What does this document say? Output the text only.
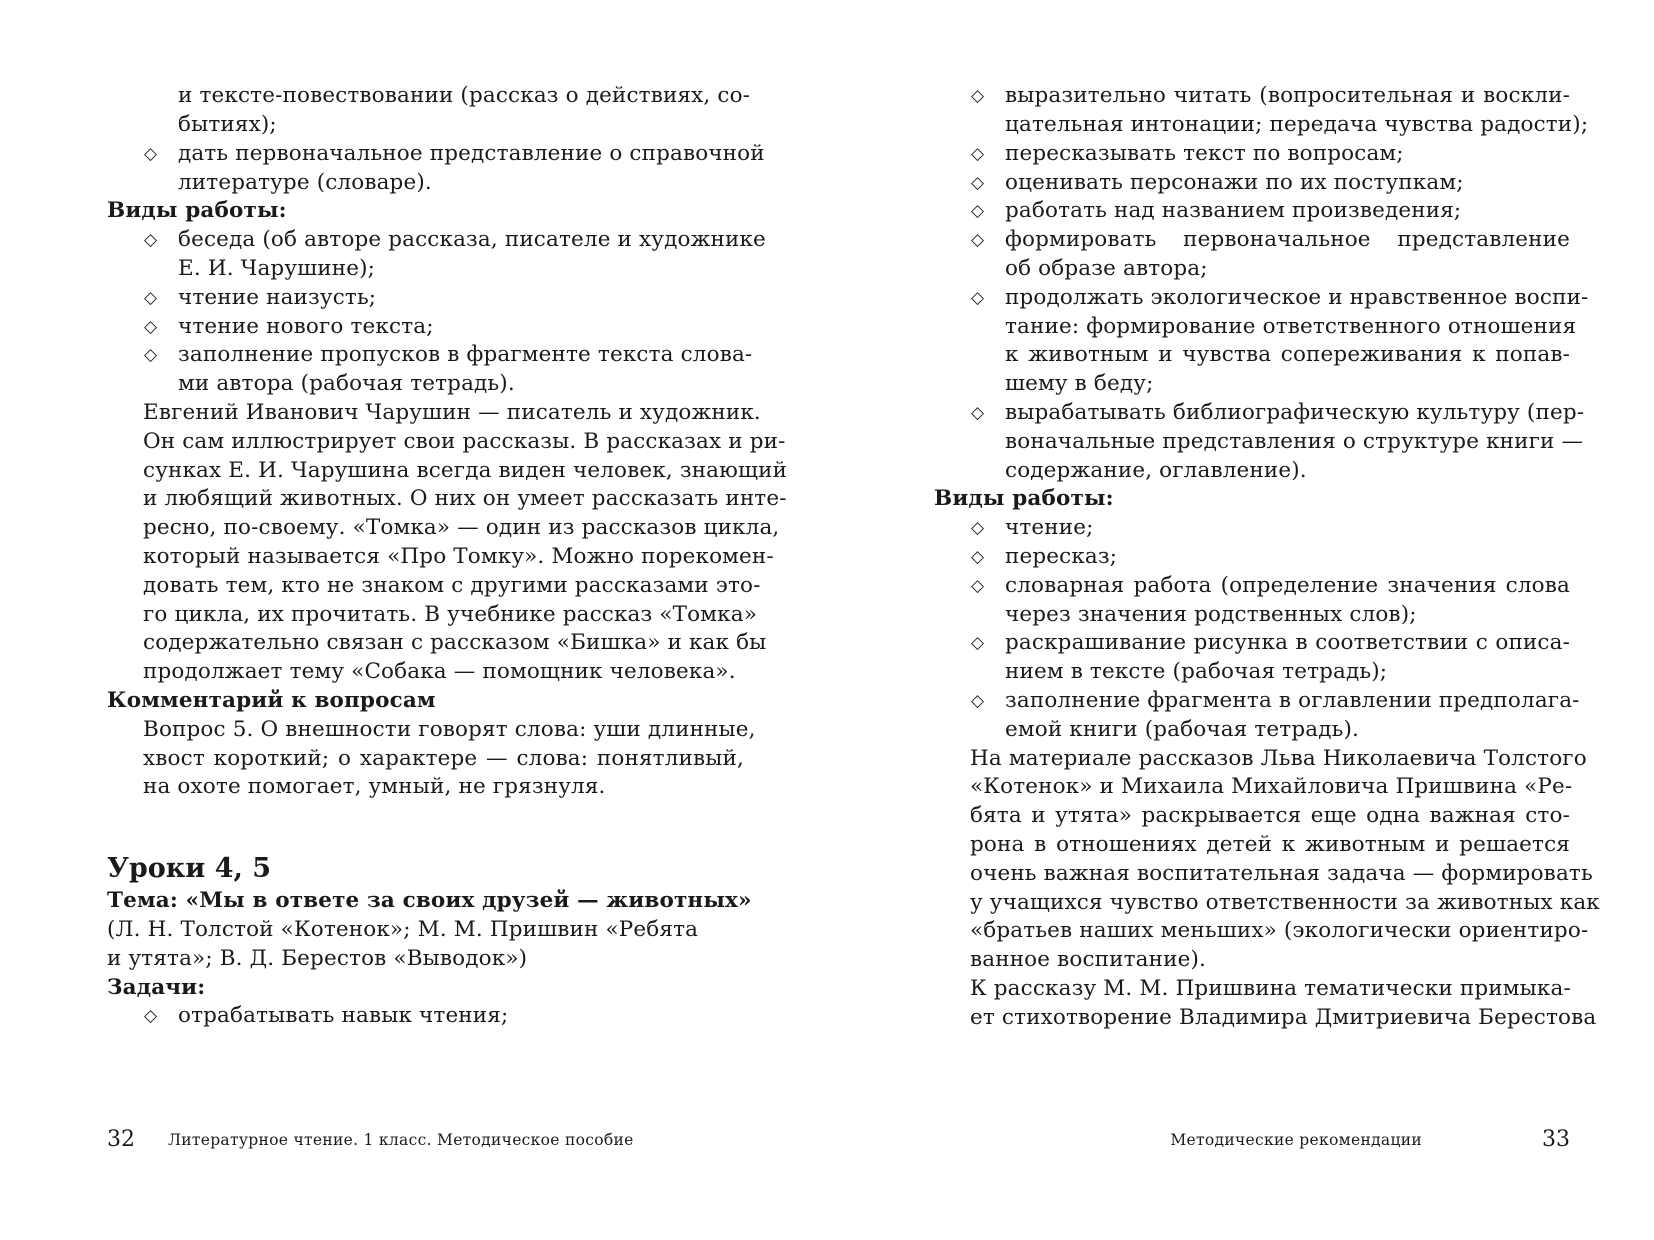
и тексте-повествовании (рассказ о действиях, со-
бытиях);
◇ дать первоначальное представление о справочной
литературе (словаре).
Виды работы:
◇ беседа (об авторе рассказа, писателе и художнике
Е. И. Чарушине);
◇ чтение наизусть;
◇ чтение нового текста;
◇ заполнение пропусков в фрагменте текста слова-
ми автора (рабочая тетрадь).
Евгений Иванович Чарушин — писатель и художник.
Он сам иллюстрирует свои рассказы. В рассказах и ри-
сунках Е. И. Чарушина всегда виден человек, знающий
и любящий животных. О них он умеет рассказать инте-
ресно, по-своему. «Томка» — один из рассказов цикла,
который называется «Про Томку». Можно порекомен-
довать тем, кто не знаком с другими рассказами это-
го цикла, их прочитать. В учебнике рассказ «Томка»
содержательно связан с рассказом «Бишка» и как бы
продолжает тему «Собака — помощник человека».
Комментарий к вопросам
Вопрос 5. О внешности говорят слова: уши длинные,
хвост короткий; о характере — слова: понятливый,
на охоте помогает, умный, не грязнуля.
Уроки 4, 5
Тема: «Мы в ответе за своих друзей — животных»
(Л. Н. Толстой «Котенок»; М. М. Пришвин «Ребята
и утята»; В. Д. Берестов «Выводок»)
Задачи:
◇ отрабатывать навык чтения;
32 Литературное чтение. 1 класс. Методическое пособие
◇ выразительно читать (вопросительная и воскли-
цательная интонации; передача чувства радости);
◇ пересказывать текст по вопросам;
◇ оценивать персонажи по их поступкам;
◇ работать над названием произведения;
◇ формировать первоначальное представление
об образе автора;
◇ продолжать экологическое и нравственное воспи-
тание: формирование ответственного отношения
к животным и чувства сопереживания к попав-
шему в беду;
◇ вырабатывать библиографическую культуру (пер-
воначальные представления о структуре книги —
содержание, оглавление).
Виды работы:
◇ чтение;
◇ пересказ;
◇ словарная работа (определение значения слова
через значения родственных слов);
◇ раскрашивание рисунка в соответствии с описа-
нием в тексте (рабочая тетрадь);
◇ заполнение фрагмента в оглавлении предполага-
емой книги (рабочая тетрадь).
На материале рассказов Льва Николаевича Толстого
«Котенок» и Михаила Михайловича Пришвина «Ре-
бята и утята» раскрывается еще одна важная сто-
рона в отношениях детей к животным и решается
очень важная воспитательная задача — формировать
у учащихся чувство ответственности за животных как
«братьев наших меньших» (экологически ориентиро-
ванное воспитание).
К рассказу М. М. Пришвина тематически примыка-
ет стихотворение Владимира Дмитриевича Берестова
Методические рекомендации	33
